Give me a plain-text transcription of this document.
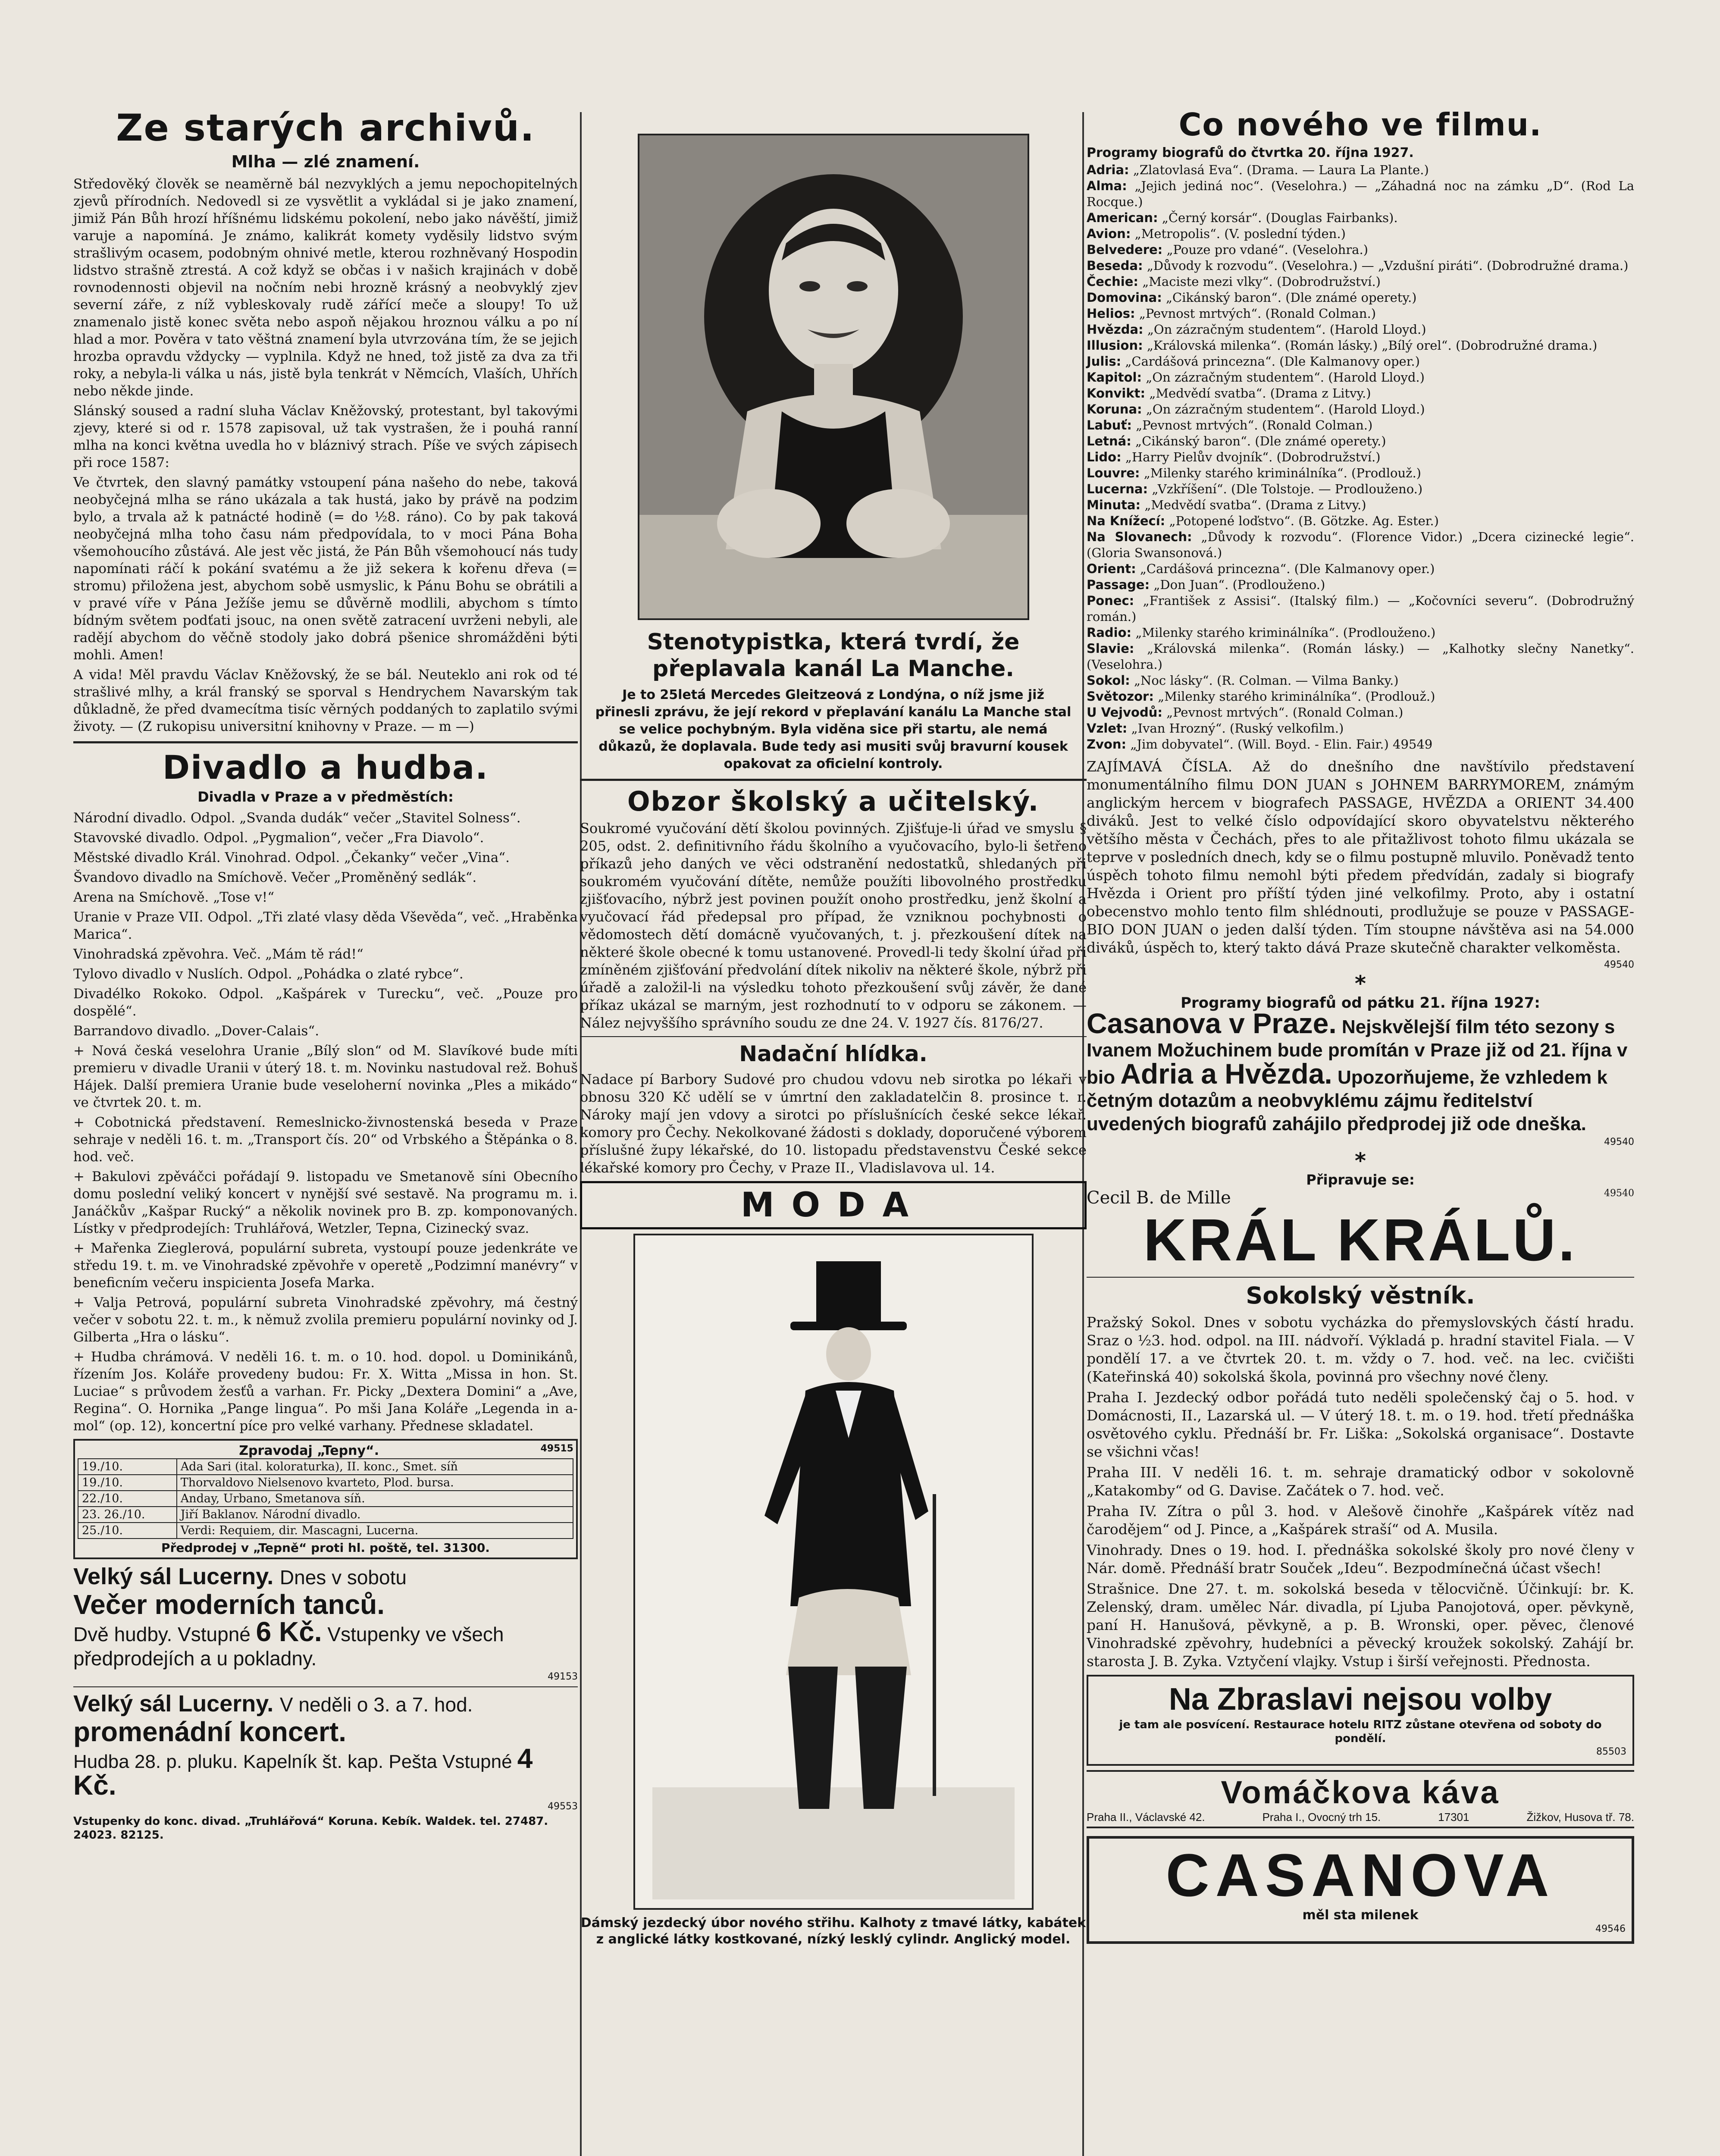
Ze starých archivů.
Mlha — zlé znamení.

Středověký člověk se neaměrně bál nezvyklých a jemu nepochopitelných zjevů přírodních. Nedovedl si ze vysvětlit a vykládal si je jako znamení, jimiž Pán Bůh hrozí hříšnému lidskému pokolení, nebo jako návěští, jimiž varuje a napomíná. Je známo, kalikrát komety vyděsily lidstvo svým strašlivým ocasem, podobným ohnivé metle, kterou rozhněvaný Hospodin lidstvo strašně ztrestá. A což když se občas i v našich krajinách v době rovnodennosti objevil na nočním nebi hrozně krásný a neobvyklý zjev severní záře, z níž vybleskovaly rudě zářící meče a sloupy! To už znamenalo jistě konec světa nebo aspoň nějakou hroznou válku a po ní hlad a mor. Pověra v tato věštná znamení byla utvrzována tím, že se jejich hrozba opravdu vždycky — vyplnila. Když ne hned, tož jistě za dva za tři roky, a nebyla-li válka u nás, jistě byla tenkrát v Němcích, Vlaších, Uhřích nebo někde jinde.

Slánský soused a radní sluha Václav Kněžovský, protestant, byl takovými zjevy, které si od r. 1578 zapisoval, už tak vystrašen, že i pouhá ranní mlha na konci května uvedla ho v bláznivý strach. Píše ve svých zápisech při roce 1587:

Ve čtvrtek, den slavný památky vstoupení pána našeho do nebe, taková neobyčejná mlha se ráno ukázala a tak hustá, jako by právě na podzim bylo, a trvala až k patnácté hodině (= do ½8. ráno). Co by pak taková neobyčejná mlha toho času nám předpovídala, to v moci Pána Boha všemohoucího zůstává. Ale jest věc jistá, že Pán Bůh všemohoucí nás tudy napomínati ráčí k pokání svatému a že již sekera k kořenu dřeva (= stromu) přiložena jest, abychom sobě usmyslic, k Pánu Bohu se obrátili a v pravé víře v Pána Ježíše jemu se důvěrně modlili, abychom s tímto bídným světem podťati jsouc, na onen světě zatracení uvrženi nebyli, ale radějí abychom do věčně stodoly jako dobrá pšenice shromážděni býti mohli. Amen!

A vida! Měl pravdu Václav Kněžovský, že se bál. Neuteklo ani rok od té strašlivé mlhy, a král franský se sporval s Hendrychem Navarským tak důkladně, že před dvamecítma tisíc věrných poddaných to zaplatilo svými životy. — (Z rukopisu universitní knihovny v Praze. — m —)

Divadlo a hudba.
Divadla v Praze a v předměstích:

Národní divadlo. Odpol. „Svanda dudák“ večer „Stavitel Solness“.

Stavovské divadlo. Odpol. „Pygmalion“, večer „Fra Diavolo“.

Městské divadlo Král. Vinohrad. Odpol. „Čekanky“ večer „Vina“.

Švandovo divadlo na Smíchově. Večer „Proměněný sedlák“.

Arena na Smíchově. „Tose v!“

Uranie v Praze VII. Odpol. „Tři zlaté vlasy děda Vševěda“, več. „Hraběnka Marica“.

Vinohradská zpěvohra. Več. „Mám tě rád!“

Tylovo divadlo v Nuslích. Odpol. „Pohádka o zlaté rybce“.

Divadélko Rokoko. Odpol. „Kašpárek v Turecku“, več. „Pouze pro dospělé“.

Barrandovo divadlo. „Dover-Calais“.

+ Nová česká veselohra Uranie „Bílý slon“ od M. Slavíkové bude míti premieru v divadle Uranii v úterý 18. t. m. Novinku nastudoval rež. Bohuš Hájek. Další premiera Uranie bude veselohernί novinka „Ples a mikádo“ ve čtvrtek 20. t. m.

+ Cobotnická představení. Remeslnicko-živnostenská beseda v Praze sehraje v neděli 16. t. m. „Transport čís. 20“ od Vrbského a Štěpánka o 8. hod. več.

+ Bakulovi zpěváčci pořádají 9. listopadu ve Smetanově síni Obecního domu poslední veliký koncert v nynější své sestavě. Na programu m. i. Janáčkův „Kašpar Rucký“ a několik novinek pro B. zp. komponovaných. Lístky v předprodejích: Truhlářová, Wetzler, Tepna, Cizinecký svaz.

+ Mařenka Zieglerová, populární subreta, vystoupí pouze jedenkráte ve středu 19. t. m. ve Vinohradské zpěvohře v operetě „Podzimní manévry“ v beneficním večeru inspicienta Josefa Marka.

+ Valja Petrová, populární subreta Vinohradské zpěvohry, má čestný večer v sobotu 22. t. m., k němuž zvolila premieru populární novinky od J. Gilberta „Hra o lásku“.

+ Hudba chrámová. V neděli 16. t. m. o 10. hod. dopol. u Dominikánů, řízením Jos. Koláře provedeny budou: Fr. X. Witta „Missa in hon. St. Luciae“ s průvodem žesťů a varhan. Fr. Picky „Dextera Domini“ a „Ave, Regina“. O. Hornika „Pange lingua“. Po mši Jana Koláře „Legenda in a-mol“ (op. 12), koncertní píce pro velké varhany. Přednese skladatel.

Zpravodaj „Tepny“.	49515
19./10.	Ada Sari (ital. koloraturka), II. konc., Smet. síň
19./10.	Thorvaldovo Nielsenovo kvarteto, Plod. bursa.
22./10.	Anday, Urbano, Smetanova síň.
23. 26./10.	Jiří Baklanov. Národní divadlo.
25./10.	Verdi: Requiem, dir. Mascagni, Lucerna.
Předprodej v „Tepně“ proti hl. poště, tel. 31300.
Velký sál Lucerny. Dnes v sobotu
Večer moderních tanců.
Dvě hudby. Vstupné 6 Kč. Vstupenky ve všech předprodejích a u pokladny.
49153
Velký sál Lucerny. V neděli o 3. a 7. hod.
promenádní koncert.
Hudba 28. p. pluku. Kapelník št. kap. Pešta Vstupné 4 Kč.
49553
Vstupenky do konc. divad. „Truhlářová“ Koruna. Kebík. Waldek. tel. 27487. 24023. 82125.
Stenotypistka, která tvrdí, že přeplavala kanál La Manche.

Je to 25letá Mercedes Gleitzeová z Londýna, o níž jsme již přinesli zprávu, že její rekord v přeplavání kanálu La Manche stal se velice pochybným. Byla viděna sice při startu, ale nemá důkazů, že doplavala. Bude tedy asi musiti svůj bravurní kousek opakovat za oficielní kontroly.

Obzor školský a učitelský.

Soukromé vyučování dětí školou povinných. Zjišťuje-li úřad ve smyslu § 205, odst. 2. definitivního řádu školního a vyučovacího, bylo-li šetřeno příkazů jeho daných ve věci odstranění nedostatků, shledaných při soukromém vyučování dítěte, nemůže použíti libovolného prostředku zjišťovacího, nýbrž jest povinen použít onoho prostředku, jenž školní a vyučovací řád předepsal pro případ, že vzniknou pochybnosti o vědomostech dětí domácně vyučovaných, t. j. přezkoušení dítek na některé škole obecné k tomu ustanovené. Provedl-li tedy školní úřad při zmíněném zjišťování předvolání dítek nikoliv na některé škole, nýbrž při úřadě a založil-li na výsledku tohoto přezkoušení svůj závěr, že dané příkaz ukázal se marným, jest rozhodnutí to v odporu se zákonem. — Nález nejvyššího správního soudu ze dne 24. V. 1927 čís. 8176/27.

Nadační hlídka.

Nadace pí Barbory Sudové pro chudou vdovu neb sirotka po lékaři v obnosu 320 Kč udělí se v úmrtní den zakladatelčin 8. prosince t. r. Nároky mají jen vdovy a sirotci po příslušnících české sekce lékař. komory pro Čechy. Nekolkované žádosti s doklady, doporučené výborem příslušné župy lékařské, do 10. listopadu představenstvu České sekce lékařské komory pro Čechy, v Praze II., Vladislavova ul. 14.

MODA

Dámský jezdecký úbor nového střihu. Kalhoty z tmavé látky, kabátek z anglické látky kostkované, nízký lesklý cylindr. Anglický model.

Co nového ve filmu.
Programy biografů do čtvrtka 20. října 1927.

Adria: „Zlatovlasá Eva“. (Drama. — Laura La Plante.)

Alma: „Jejich jediná noc“. (Veselohra.) — „Záhadná noc na zámku „D“. (Rod La Rocque.)

American: „Černý korsár“. (Douglas Fairbanks).

Avion: „Metropolis“. (V. poslední týden.)

Belvedere: „Pouze pro vdané“. (Veselohra.)

Beseda: „Důvody k rozvodu“. (Veselohra.) — „Vzdušní piráti“. (Dobrodružné drama.)

Čechie: „Maciste mezi vlky“. (Dobrodružství.)

Domovina: „Cikánský baron“. (Dle známé operety.)

Helios: „Pevnost mrtvých“. (Ronald Colman.)

Hvězda: „On zázračným studentem“. (Harold Lloyd.)

Illusion: „Královská milenka“. (Román lásky.) „Bílý orel“. (Dobrodružné drama.)

Julis: „Cardášová princezna“. (Dle Kalmanovy oper.)

Kapitol: „On zázračným studentem“. (Harold Lloyd.)

Konvikt: „Medvědí svatba“. (Drama z Litvy.)

Koruna: „On zázračným studentem“. (Harold Lloyd.)

Labuť: „Pevnost mrtvých“. (Ronald Colman.)

Letná: „Cikánský baron“. (Dle známé operety.)

Lido: „Harry Pielův dvojník“. (Dobrodružství.)

Louvre: „Milenky starého kriminálníka“. (Prodlouž.)

Lucerna: „Vzkříšení“. (Dle Tolstoje. — Prodlouženo.)

Minuta: „Medvědí svatba“. (Drama z Litvy.)

Na Knížecí: „Potopené loďstvo“. (B. Götzke. Ag. Ester.)

Na Slovanech: „Důvody k rozvodu“. (Florence Vidor.) „Dcera cizinecké legie“. (Gloria Swansonová.)

Orient: „Cardášová princezna“. (Dle Kalmanovy oper.)

Passage: „Don Juan“. (Prodlouženo.)

Ponec: „František z Assisi“. (Italský film.) — „Kočovníci severu“. (Dobrodružný román.)

Radio: „Milenky starého kriminálníka“. (Prodlouženo.)

Slavie: „Královská milenka“. (Román lásky.) — „Kalhotky slečny Nanetky“. (Veselohra.)

Sokol: „Noc lásky“. (R. Colman. — Vilma Banky.)

Světozor: „Milenky starého kriminálníka“. (Prodlouž.)

U Vejvodů: „Pevnost mrtvých“. (Ronald Colman.)

Vzlet: „Ivan Hrozný“. (Ruský velkofilm.)

Zvon: „Jim dobyvatel“. (Will. Boyd. - Elin. Fair.) 49549

ZAJÍMAVÁ ČÍSLA. Až do dnešního dne navštívilo představení monumentálního filmu DON JUAN s JOHNEM BARRYMOREM, známým anglickým hercem v biografech PASSAGE, HVĚZDA a ORIENT 34.400 diváků. Jest to velké číslo odpovídající skoro obyvatelstvu některého většího města v Čechách, přes to ale přitažlivost tohoto filmu ukázala se teprve v posledních dnech, kdy se o filmu postupně mluvilo. Poněvadž tento úspěch tohoto filmu nemohl býti předem předvídán, zadaly si biografy Hvězda i Orient pro příští týden jiné velkofilmy. Proto, aby i ostatní obecenstvo mohlo tento film shlédnouti, prodlužuje se pouze v PASSAGE-BIO DON JUAN o jeden další týden. Tím stoupne návštěva asi na 54.000 diváků, úspěch to, který takto dává Praze skutečně charakter velkoměsta.

49540
*
Programy biografů od pátku 21. října 1927:
Casanova v Praze. Nejskvělejší film této sezony s Ivanem Možuchinem bude promítán v Praze již od 21. října v bio Adria a Hvězda. Upozorňujeme, že vzhledem k četným dotazům a neobvyklému zájmu ředitelství uvedených biografů zahájilo předprodej již ode dneška.
49540
*
Připravuje se:
Cecil B. de Mille	49540
KRÁL KRÁLŮ.
Sokolský věstník.

Pražský Sokol. Dnes v sobotu vycházka do přemyslovských částí hradu. Sraz o ½3. hod. odpol. na III. nádvoří. Výkladá p. hradní stavitel Fiala. — V pondělí 17. a ve čtvrtek 20. t. m. vždy o 7. hod. več. na lec. cvičišti (Kateřinská 40) sokolská škola, povinná pro všechny nové členy.

Praha I. Jezdecký odbor pořádá tuto neděli společenský čaj o 5. hod. v Domácnosti, II., Lazarská ul. — V úterý 18. t. m. o 19. hod. třetí přednáška osvětového cyklu. Přednáší br. Fr. Liška: „Sokolská organisace“. Dostavte se všichni včas!

Praha III. V neděli 16. t. m. sehraje dramatický odbor v sokolovně „Katakomby“ od G. Davise. Začátek o 7. hod. več.

Praha IV. Zítra o půl 3. hod. v Alešově činohře „Kašpárek vítěz nad čarodějem“ od J. Pince, a „Kašpárek straší“ od A. Musila.

Vinohrady. Dnes o 19. hod. I. přednáška sokolské školy pro nové členy v Nár. domě. Přednáší bratr Souček „Ideu“. Bezpodmínečná účast všech!

Strašnice. Dne 27. t. m. sokolská beseda v tělocvičně. Účinkují: br. K. Zelenský, dram. umělec Nár. divadla, pí Ljuba Panojotová, oper. pěvkyně, paní H. Hanušová, pěvkyně, a p. B. Wronski, oper. pěvec, členové Vinohradské zpěvohry, hudebníci a pěvecký kroužek sokolský. Zahájí br. starosta J. B. Zyka. Vztyčení vlajky. Vstup i širší veřejnosti. Přednosta.

Na Zbraslavi nejsou volby
je tam ale posvícení. Restaurace hotelu RITZ zůstane otevřena od soboty do pondělí.
85503
Vomáčkova káva
Praha II., Václavské 42.	Praha I., Ovocný trh 15.	17301	Žižkov, Husova tř. 78.
CASANOVA
měl sta milenek
49546
